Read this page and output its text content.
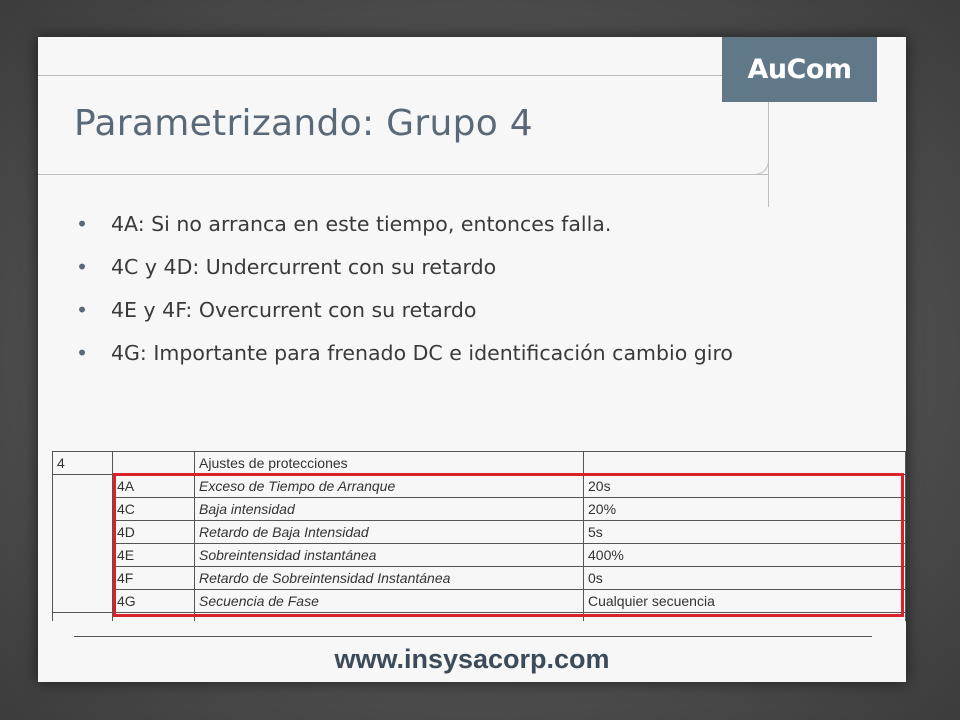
AuCom
Parametrizando: Grupo 4
• 4A: Si no arranca en este tiempo, entonces falla.
• 4C y 4D: Undercurrent con su retardo
• 4E y 4F: Overcurrent con su retardo
• 4G: Importante para frenado DC e identificación cambio giro
4		Ajustes de protecciones	
	4A	Exceso de Tiempo de Arranque	20s
	4C	Baja intensidad	20%
	4D	Retardo de Baja Intensidad	5s
	4E	Sobreintensidad instantánea	400%
	4F	Retardo de Sobreintensidad Instantánea	0s
	4G	Secuencia de Fase	Cualquier secuencia

www.insysacorp.com
